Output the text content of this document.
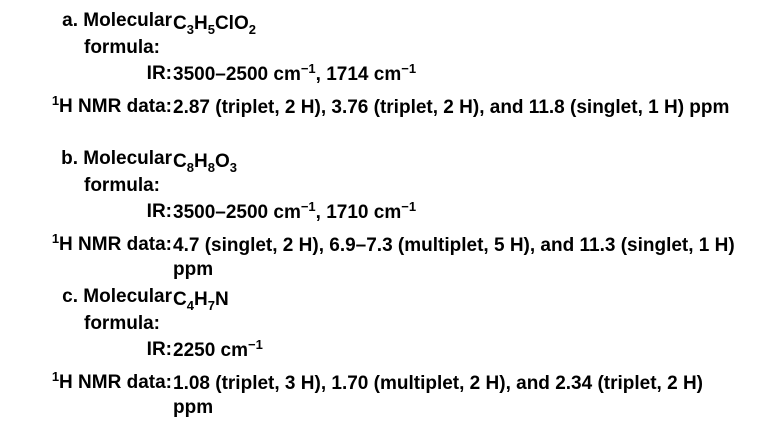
a. Molecular $C_3H_5ClO_2$
formula:
IR: 3500–2500 $cm^{-1}$, 1714 $cm^{-1}$
$^1$H NMR data: 2.87 (triplet, 2 H), 3.76 (triplet, 2 H), and 11.8 (singlet, 1 H) ppm
b. Molecular $C_8H_8O_3$
formula:
IR: 3500–2500 $cm^{-1}$, 1710 $cm^{-1}$
$^1$H NMR data: 4.7 (singlet, 2 H), 6.9–7.3 (multiplet, 5 H), and 11.3 (singlet, 1 H) ppm
c. Molecular $C_4H_7N$
formula:
IR: 2250 $cm^{-1}$
$^1$H NMR data: 1.08 (triplet, 3 H), 1.70 (multiplet, 2 H), and 2.34 (triplet, 2 H) ppm
